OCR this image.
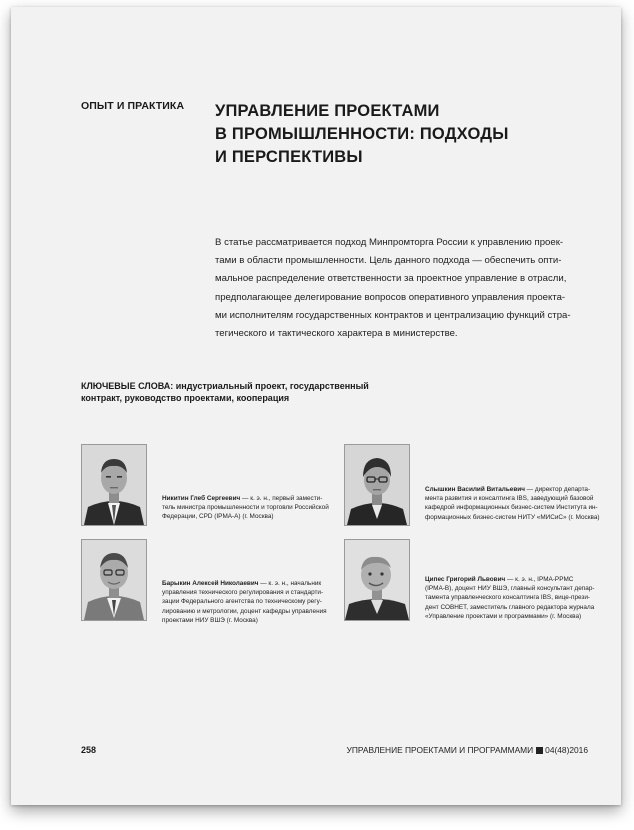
ОПЫТ И ПРАКТИКА УПРАВЛЕНИЕ ПРОЕКТАМИ
В ПРОМЫШЛЕННОСТИ: ПОДХОДЫ
И ПЕРСПЕКТИВЫ
В статье рассматривается подход Минпромторга России к управлению проек-
тами в области промышленности. Цель данного подхода — обеспечить опти-
мальное распределение ответственности за проектное управление в отрасли,
предполагающее делегирование вопросов оперативного управления проекта-
ми исполнителям государственных контрактов и централизацию функций стра-
тегического и тактического характера в министерстве.
КЛЮЧЕВЫЕ СЛОВА: индустриальный проект, государственный
контракт, руководство проектами, кооперация
Никитин Глеб Сергеевич — к. э. н., первый замести-
тель министра промышленности и торговли Российской
Федерации, CPD (IPMA-A) (г. Москва)
Слышкин Василий Витальевич — директор департа-
мента развития и консалтинга IBS, заведующий базовой
кафедрой информационных бизнес-систем Института ин-
формационных бизнес-систем НИТУ «МИСиС» (г. Москва)
Барыкин Алексей Николаевич — к. э. н., начальник
управления технического регулирования и стандарти-
зации Федерального агентства по техническому регу-
лированию и метрологии, доцент кафедры управления
проектами НИУ ВШЭ (г. Москва)
Ципес Григорий Львович — к. э. н., IPMA-PPMC
(IPMA-B), доцент НИУ ВШЭ, главный консультант депар-
тамента управленческого консалтинга IBS, вице-прези-
дент СОВНЕТ, заместитель главного редактора журнала
«Управление проектами и программами» (г. Москва)
258	УПРАВЛЕНИЕ ПРОЕКТАМИ И ПРОГРАММАМИ 04(48)2016
